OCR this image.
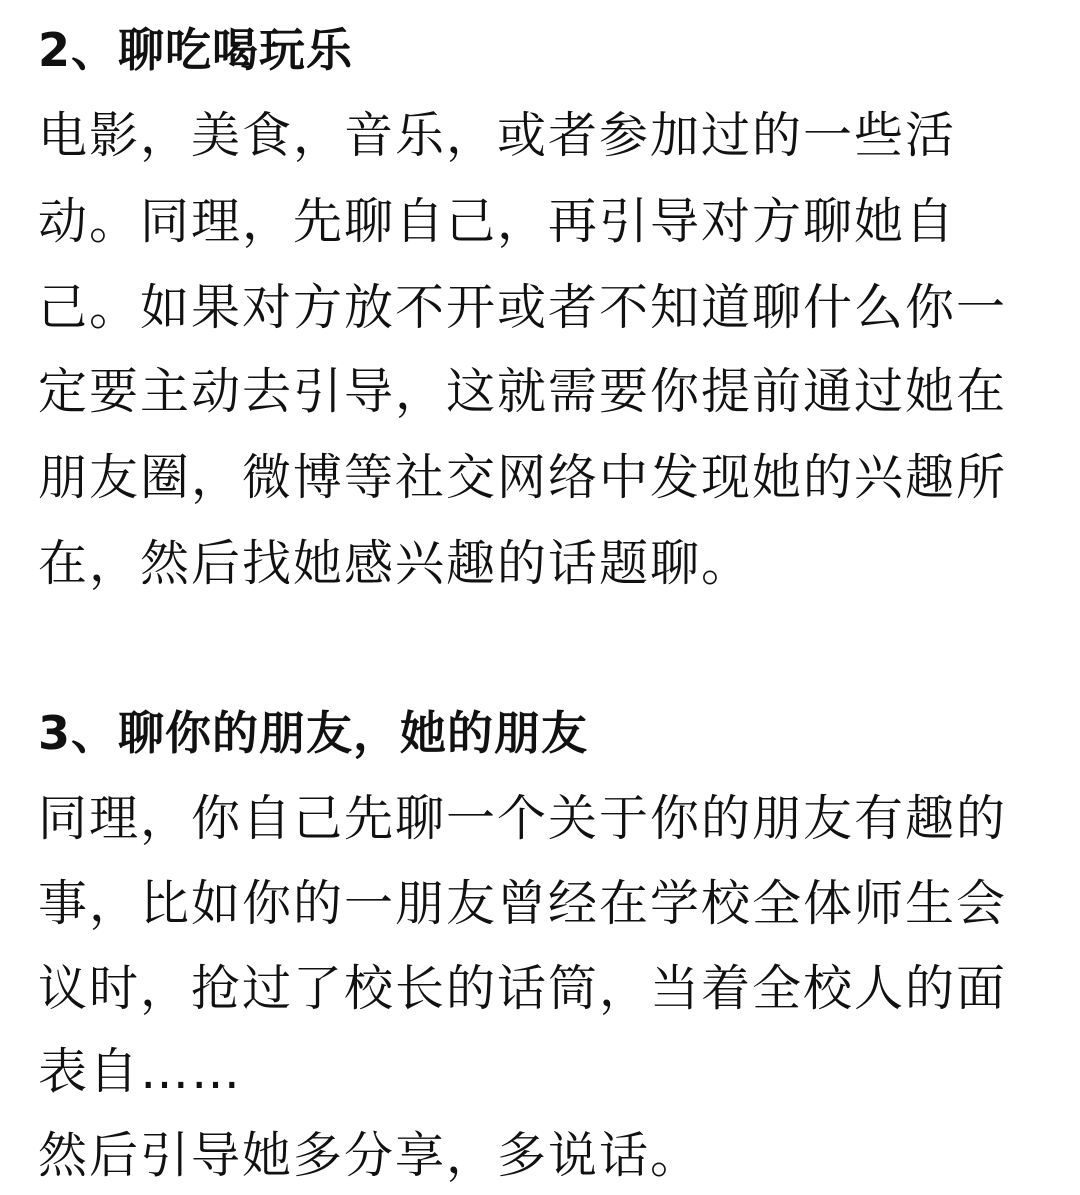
2、聊吃喝玩乐
电影，美食，音乐，或者参加过的一些活
动。同理，先聊自己，再引导对方聊她自
己。如果对方放不开或者不知道聊什么你一
定要主动去引导，这就需要你提前通过她在
朋友圈，微博等社交网络中发现她的兴趣所
在，然后找她感兴趣的话题聊。
3、聊你的朋友，她的朋友
同理，你自己先聊一个关于你的朋友有趣的
事，比如你的一朋友曾经在学校全体师生会
议时，抢过了校长的话筒，当着全校人的面
表自……
然后引导她多分享，多说话。
